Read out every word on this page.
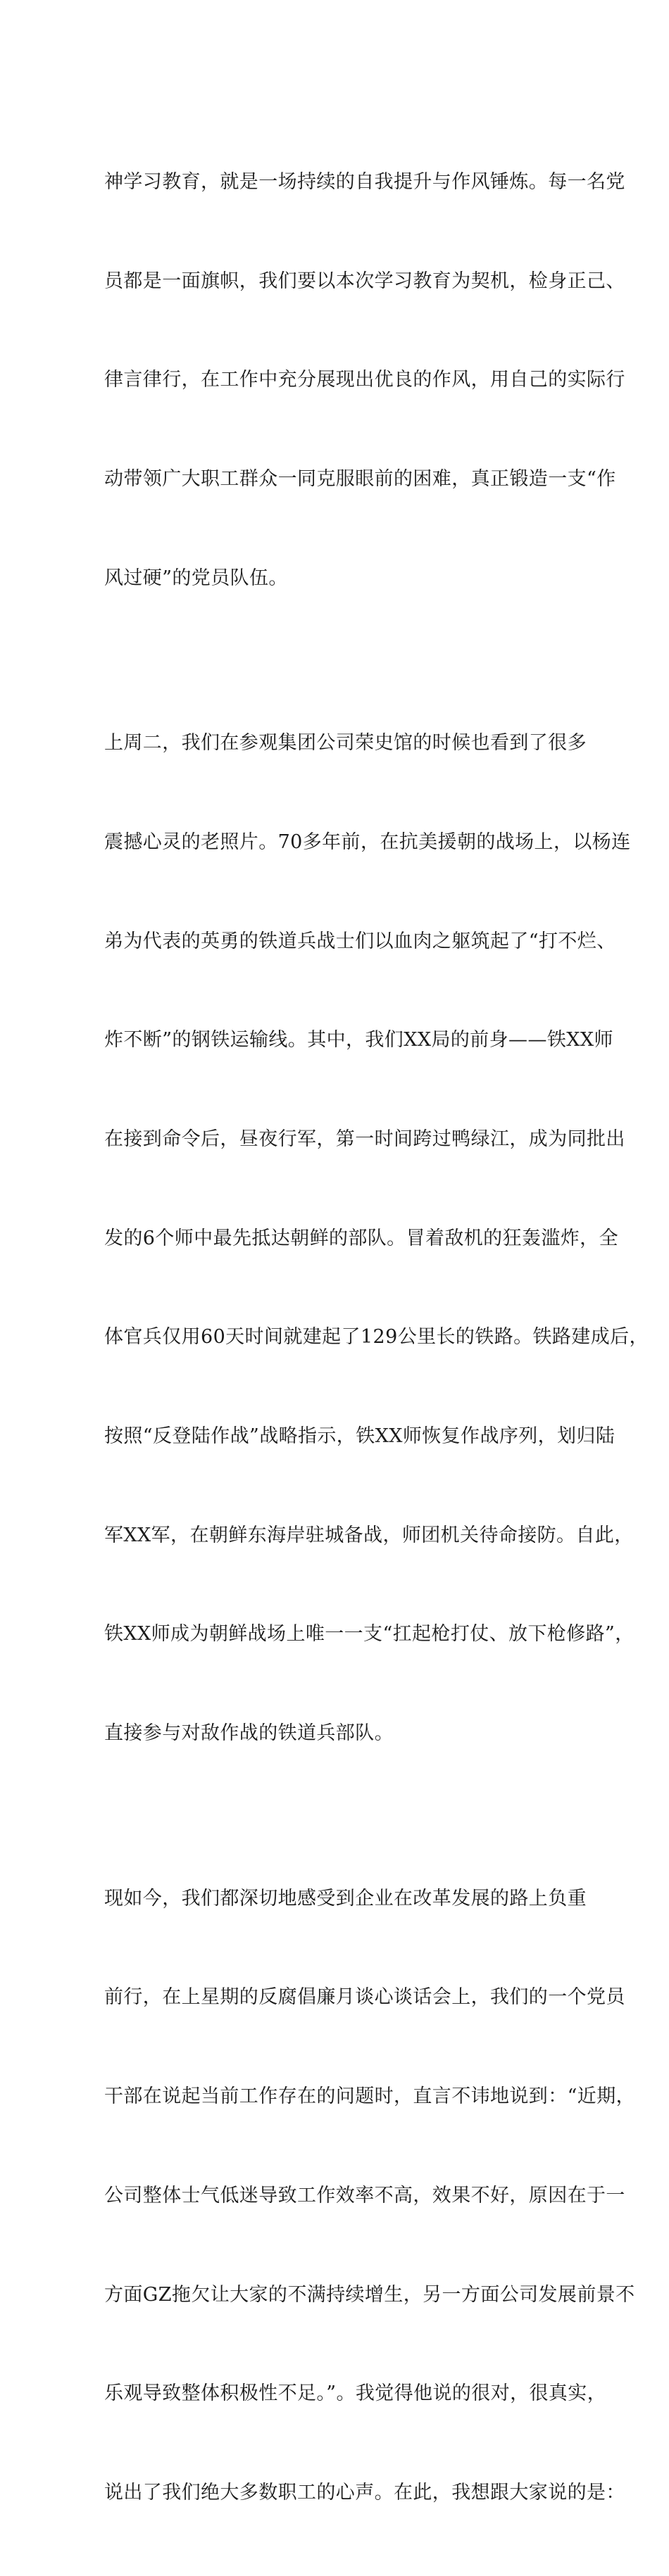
神学习教育，就是一场持续的自我提升与作风锤炼。每一名党

员都是一面旗帜，我们要以本次学习教育为契机，检身正己、

律言律行，在工作中充分展现出优良的作风，用自己的实际行

动带领广大职工群众一同克服眼前的困难，真正锻造一支“作

风过硬”的党员队伍。

上周二，我们在参观集团公司荣史馆的时候也看到了很多

震撼心灵的老照片。70多年前，在抗美援朝的战场上，以杨连

弟为代表的英勇的铁道兵战士们以血肉之躯筑起了“打不烂、

炸不断”的钢铁运输线。其中，我们XX局的前身——铁XX师

在接到命令后，昼夜行军，第一时间跨过鸭绿江，成为同批出

发的6个师中最先抵达朝鲜的部队。冒着敌机的狂轰滥炸，全

体官兵仅用60天时间就建起了129公里长的铁路。铁路建成后，

按照“反登陆作战”战略指示，铁XX师恢复作战序列，划归陆

军XX军，在朝鲜东海岸驻城备战，师团机关待命接防。自此，

铁XX师成为朝鲜战场上唯一一支“扛起枪打仗、放下枪修路”，

直接参与对敌作战的铁道兵部队。

现如今，我们都深切地感受到企业在改革发展的路上负重

前行，在上星期的反腐倡廉月谈心谈话会上，我们的一个党员

干部在说起当前工作存在的问题时，直言不讳地说到：“近期，

公司整体士气低迷导致工作效率不高，效果不好，原因在于一

方面GZ拖欠让大家的不满持续增生，另一方面公司发展前景不

乐观导致整体积极性不足。”。我觉得他说的很对，很真实，

说出了我们绝大多数职工的心声。在此，我想跟大家说的是：
